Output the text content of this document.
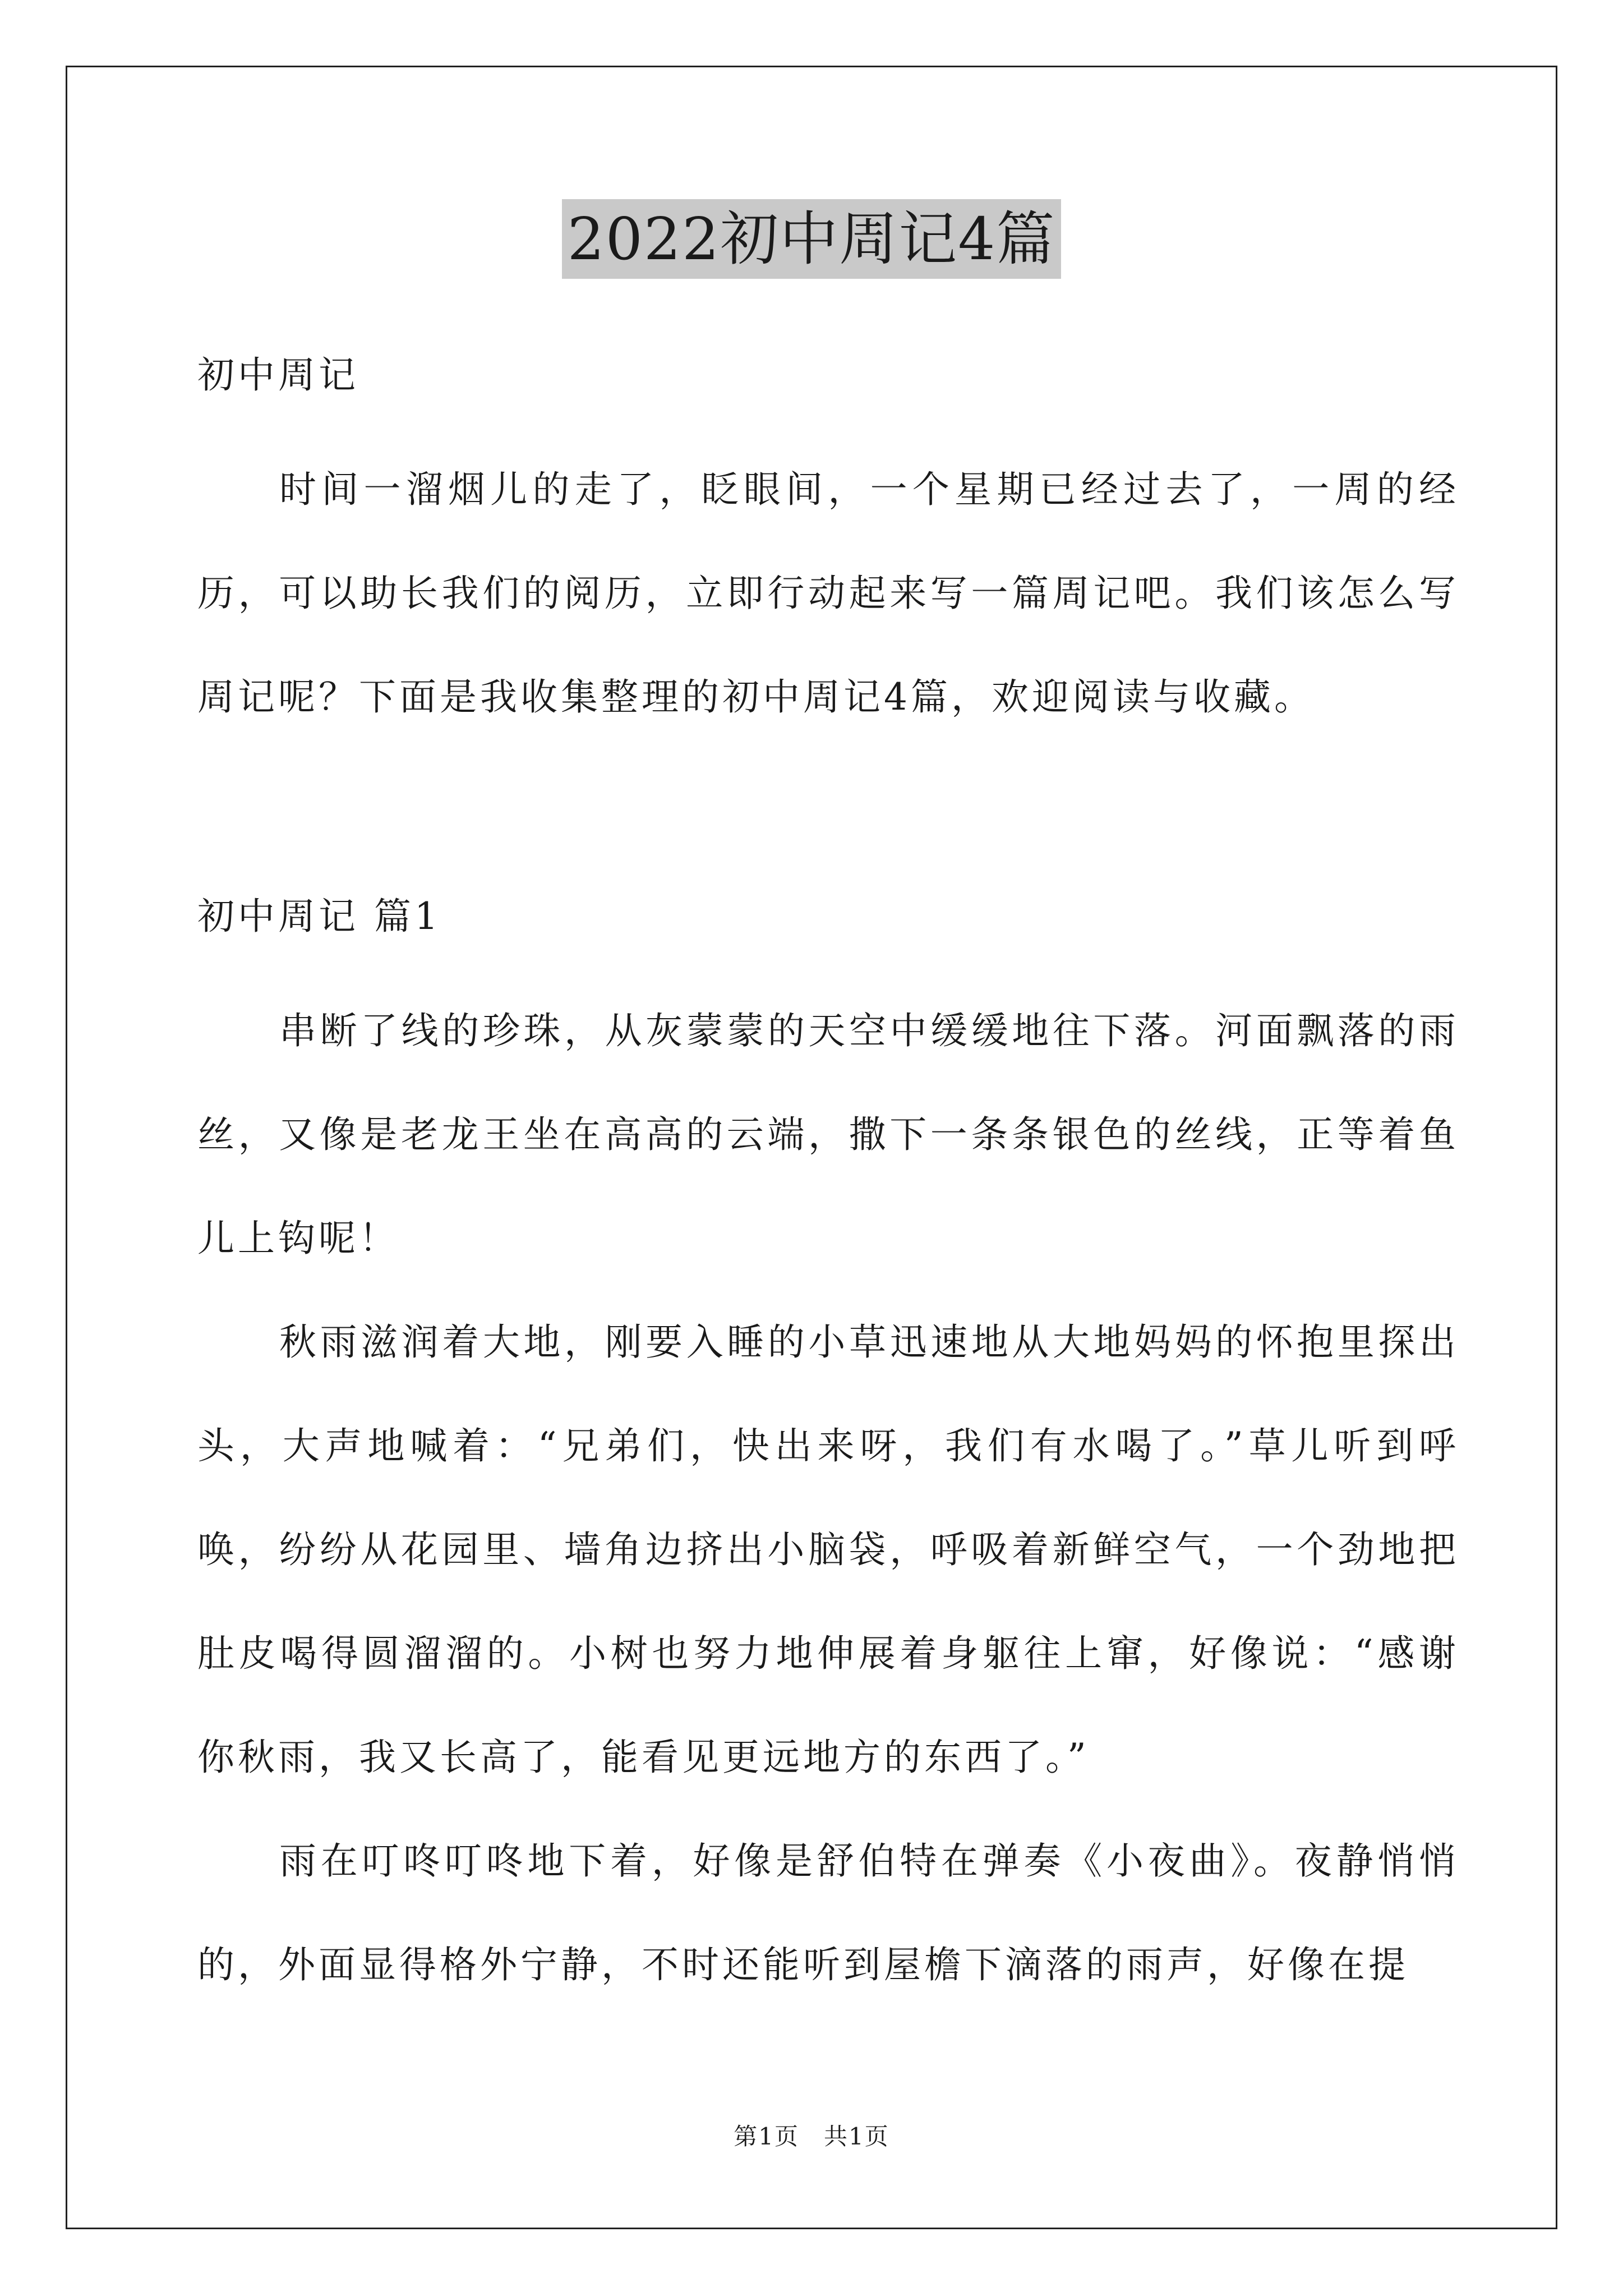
2022初中周记4篇

初中周记

时间一溜烟儿的走了，眨眼间，一个星期已经过去了，一周的经历，可以助长我们的阅历，立即行动起来写一篇周记吧。我们该怎么写周记呢？下面是我收集整理的初中周记4篇，欢迎阅读与收藏。

初中周记 篇1

串断了线的珍珠，从灰蒙蒙的天空中缓缓地往下落。河面飘落的雨丝，又像是老龙王坐在高高的云端，撒下一条条银色的丝线，正等着鱼儿上钩呢！

秋雨滋润着大地，刚要入睡的小草迅速地从大地妈妈的怀抱里探出头，大声地喊着：“兄弟们，快出来呀，我们有水喝了。”草儿听到呼唤，纷纷从花园里、墙角边挤出小脑袋，呼吸着新鲜空气，一个劲地把肚皮喝得圆溜溜的。小树也努力地伸展着身躯往上窜，好像说：“感谢你秋雨，我又长高了，能看见更远地方的东西了。”

雨在叮咚叮咚地下着，好像是舒伯特在弹奏《小夜曲》。夜静悄悄的，外面显得格外宁静，不时还能听到屋檐下滴落的雨声，好像在提

第1页　共1页
